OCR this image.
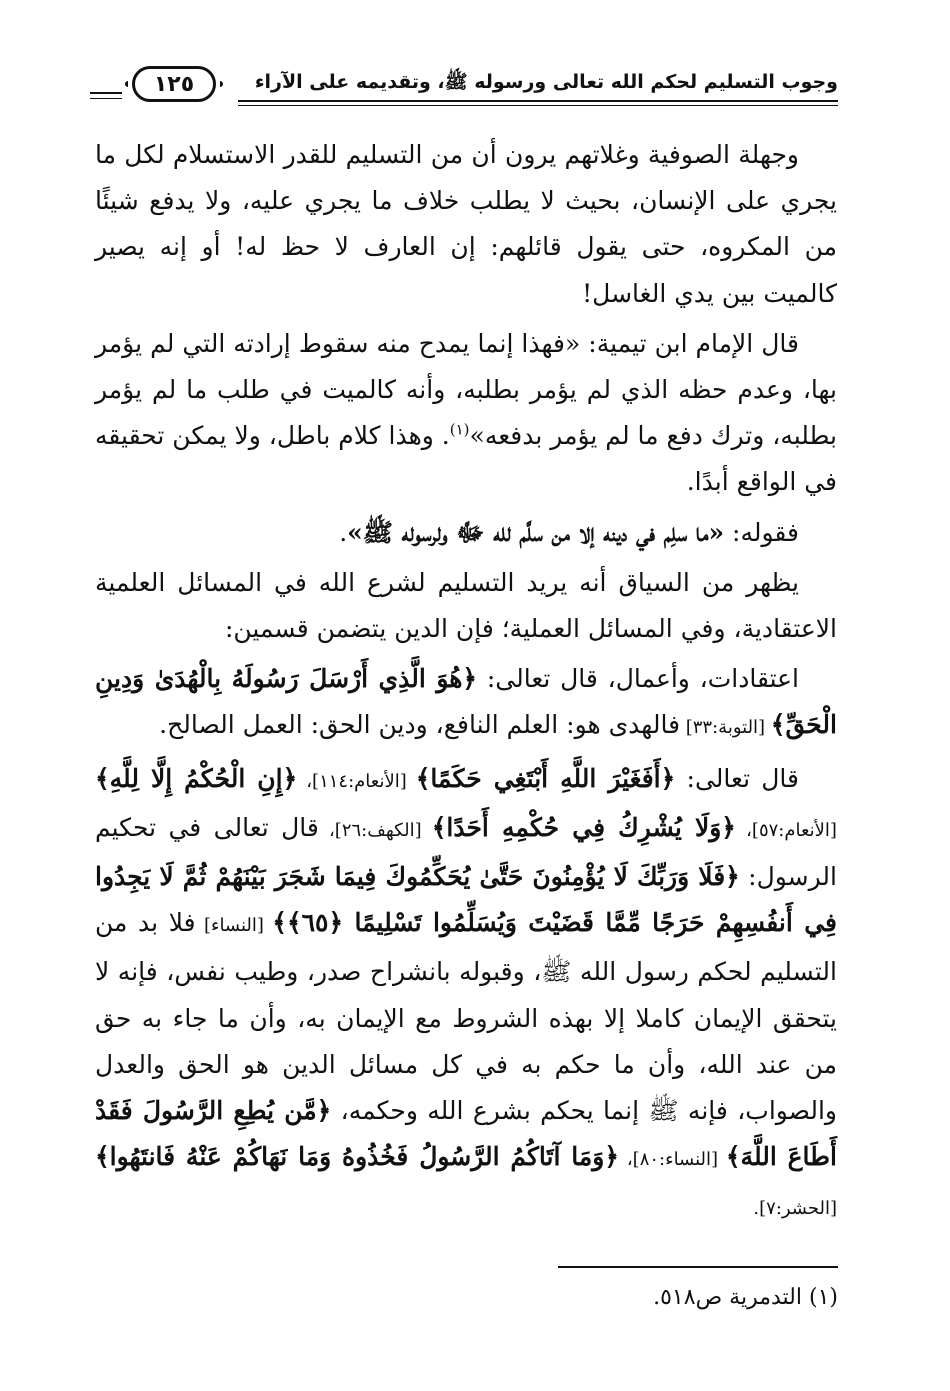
وجوب التسليم لحكم الله تعالى ورسوله ﷺ، وتقديمه على الآراء
١٢٥

وجهلة الصوفية وغلاتهم يرون أن من التسليم للقدر الاستسلام لكل ما يجري على الإنسان، بحيث لا يطلب خلاف ما يجري عليه، ولا يدفع شيئًا من المكروه، حتى يقول قائلهم: إن العارف لا حظ له! أو إنه يصير كالميت بين يدي الغاسل!

قال الإمام ابن تيمية: «فهذا إنما يمدح منه سقوط إرادته التي لم يؤمر بها، وعدم حظه الذي لم يؤمر بطلبه، وأنه كالميت في طلب ما لم يؤمر بطلبه، وترك دفع ما لم يؤمر بدفعه»$^{(١)}$. وهذا كلام باطل، ولا يمكن تحقيقه في الواقع أبدًا.

فقوله: «ما سلِم في دينه إلا من سلَّم لله ﷻ ولرسوله ﷺ».

يظهر من السياق أنه يريد التسليم لشرع الله في المسائل العلمية الاعتقادية، وفي المسائل العملية؛ فإن الدين يتضمن قسمين:

اعتقادات، وأعمال، قال تعالى: ﴿هُوَ الَّذِي أَرْسَلَ رَسُولَهُ بِالْهُدَىٰ وَدِينِ الْحَقِّ﴾ [التوبة:٣٣] فالهدى هو: العلم النافع، ودين الحق: العمل الصالح.

قال تعالى: ﴿أَفَغَيْرَ اللَّهِ أَبْتَغِي حَكَمًا﴾ [الأنعام:١١٤]، ﴿إِنِ الْحُكْمُ إِلَّا لِلَّهِ﴾ [الأنعام:٥٧]، ﴿وَلَا يُشْرِكُ فِي حُكْمِهِ أَحَدًا﴾ [الكهف:٢٦]، قال تعالى في تحكيم الرسول: ﴿فَلَا وَرَبِّكَ لَا يُؤْمِنُونَ حَتَّىٰ يُحَكِّمُوكَ فِيمَا شَجَرَ بَيْنَهُمْ ثُمَّ لَا يَجِدُوا فِي أَنفُسِهِمْ حَرَجًا مِّمَّا قَضَيْتَ وَيُسَلِّمُوا تَسْلِيمًا ﴿٦٥﴾﴾ [النساء] فلا بد من التسليم لحكم رسول الله ﷺ، وقبوله بانشراح صدر، وطيب نفس، فإنه لا يتحقق الإيمان كاملا إلا بهذه الشروط مع الإيمان به، وأن ما جاء به حق من عند الله، وأن ما حكم به في كل مسائل الدين هو الحق والعدل والصواب، فإنه ﷺ إنما يحكم بشرع الله وحكمه، ﴿مَّن يُطِعِ الرَّسُولَ فَقَدْ أَطَاعَ اللَّهَ﴾ [النساء:٨٠]، ﴿وَمَا آتَاكُمُ الرَّسُولُ فَخُذُوهُ وَمَا نَهَاكُمْ عَنْهُ فَانتَهُوا﴾ [الحشر:٧].

(١) التدمرية ص٥١٨.
